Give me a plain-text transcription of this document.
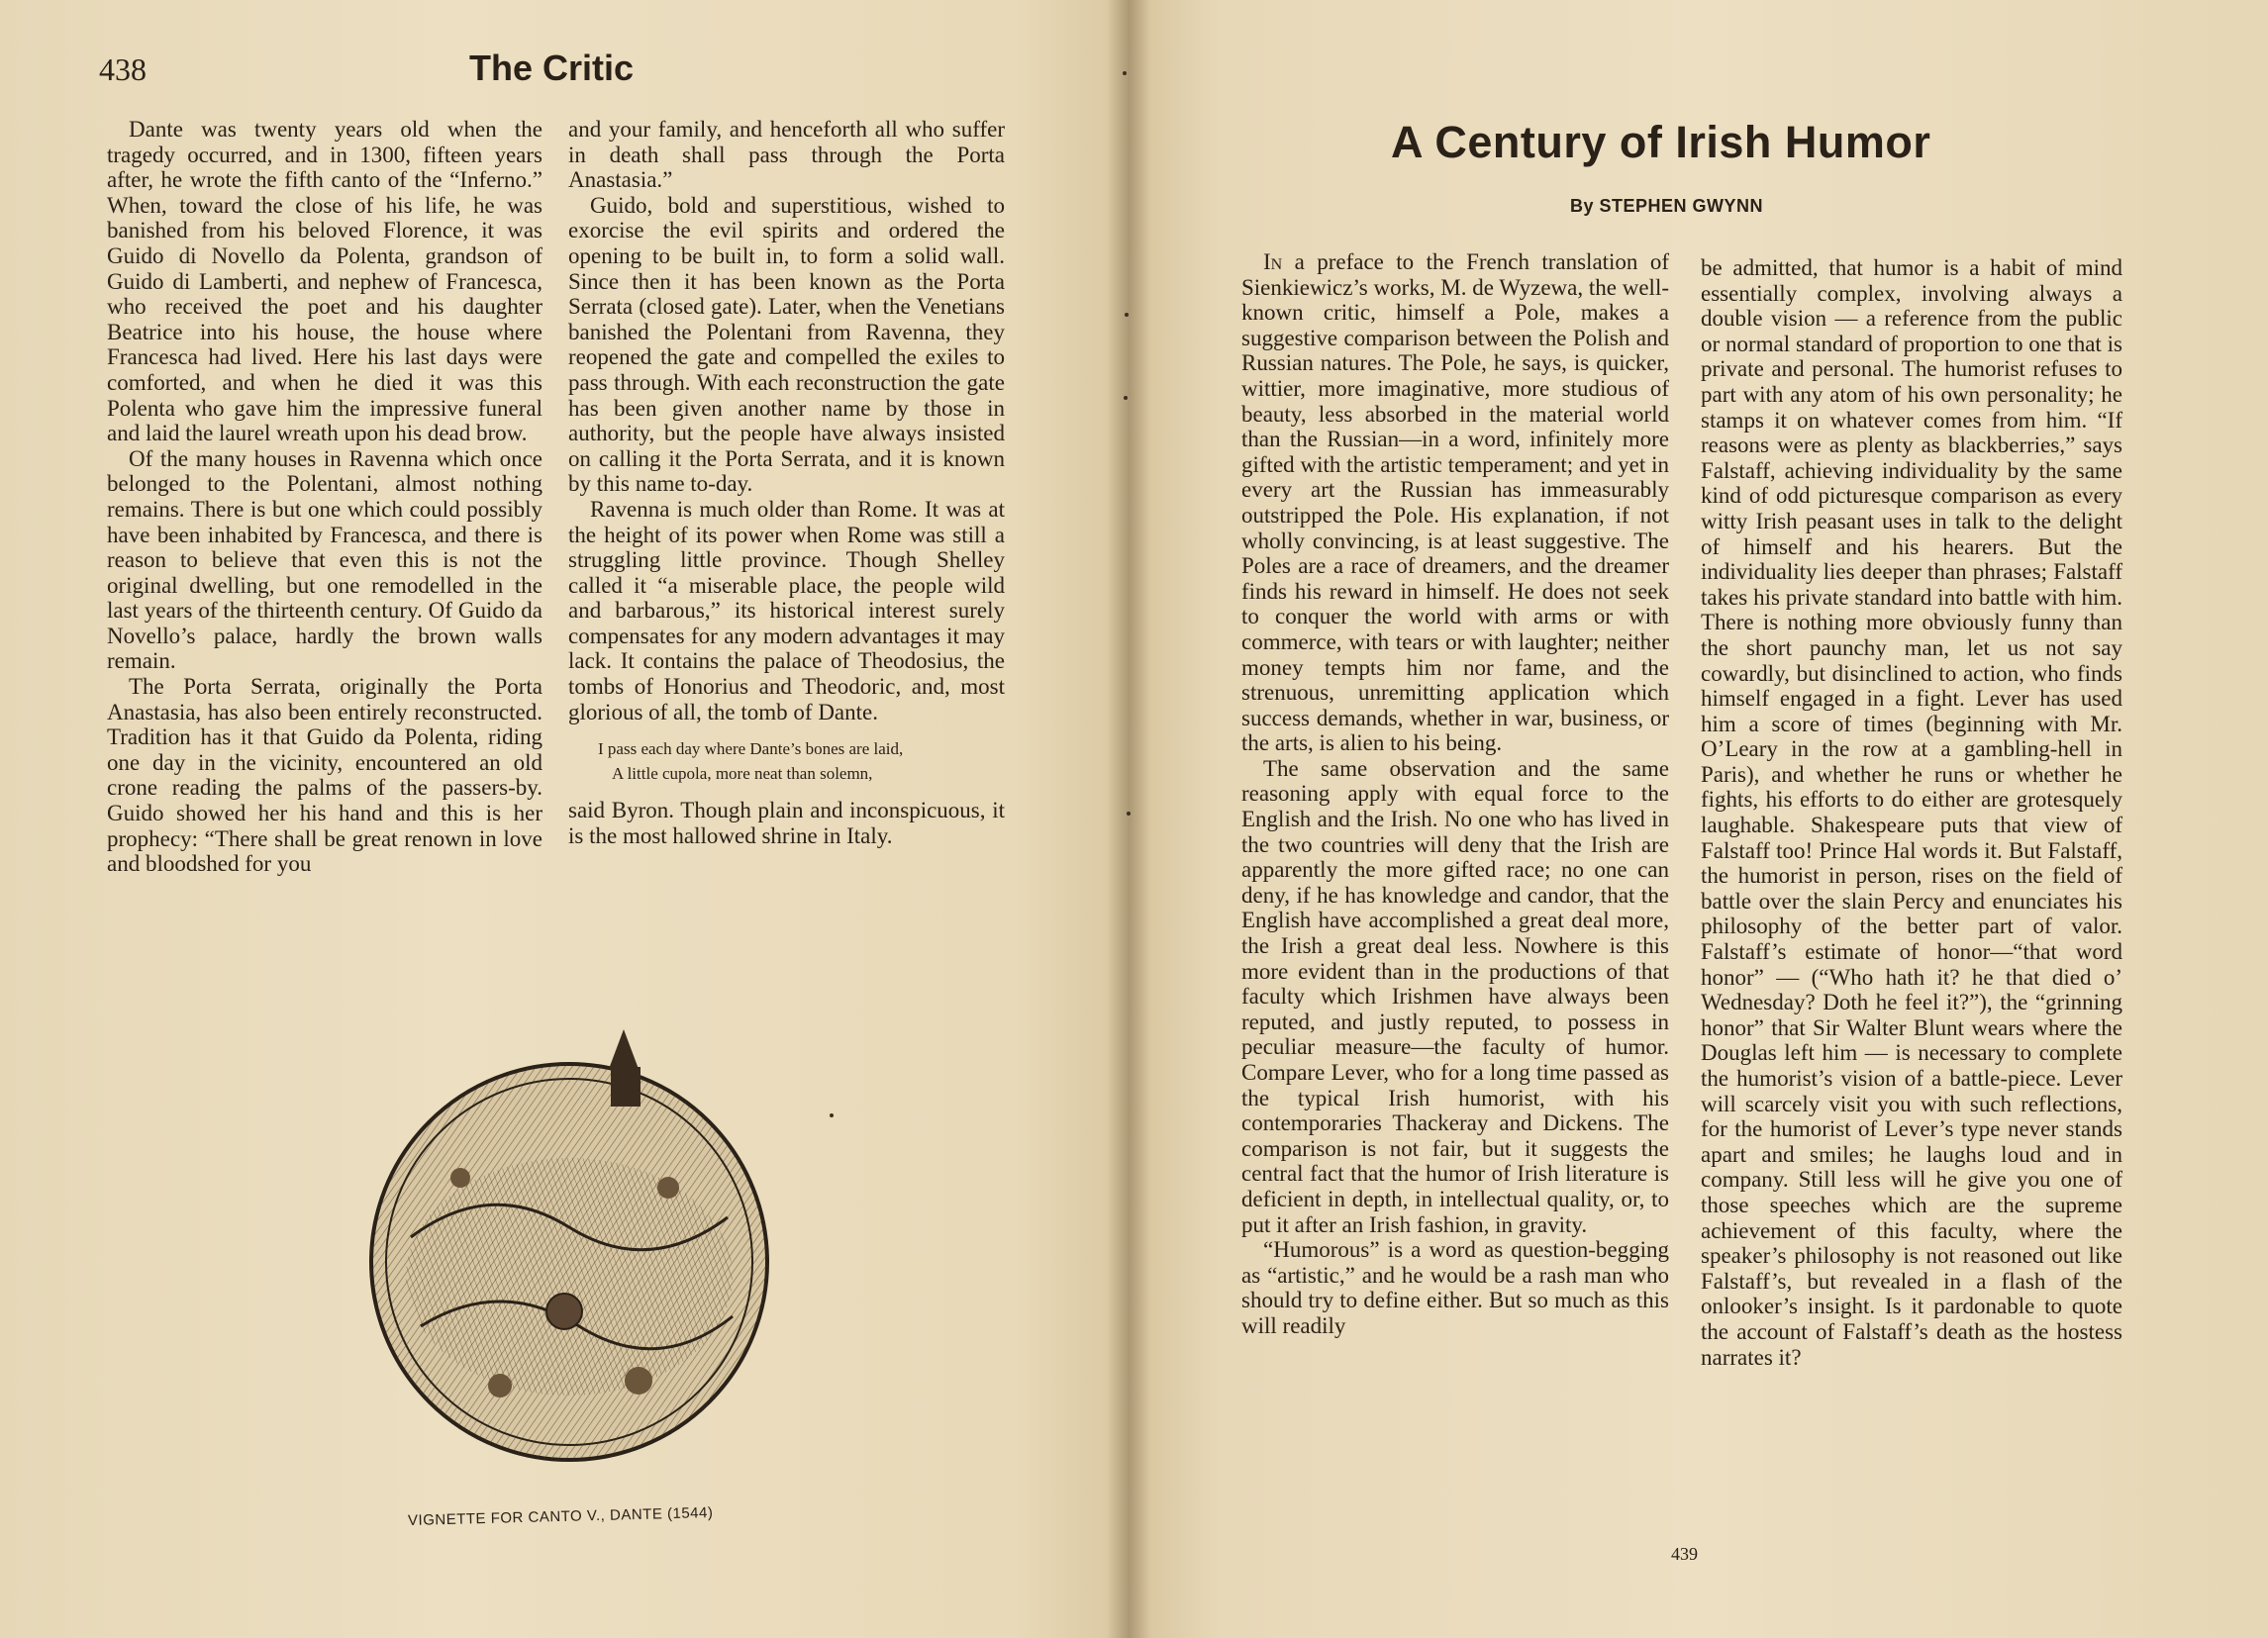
438	The Critic

Dante was twenty years old when the tragedy occurred, and in 1300, fifteen years after, he wrote the fifth canto of the “Inferno.” When, toward the close of his life, he was banished from his beloved Florence, it was Guido di Novello da Polenta, grandson of Guido di Lamberti, and nephew of Francesca, who received the poet and his daughter Beatrice into his house, the house where Francesca had lived. Here his last days were comforted, and when he died it was this Polenta who gave him the impressive funeral and laid the laurel wreath upon his dead brow.

Of the many houses in Ravenna which once belonged to the Polentani, almost nothing remains. There is but one which could possibly have been inhabited by Francesca, and there is reason to believe that even this is not the original dwelling, but one remodelled in the last years of the thirteenth century. Of Guido da Novello’s palace, hardly the brown walls remain.

The Porta Serrata, originally the Porta Anastasia, has also been entirely reconstructed. Tradition has it that Guido da Polenta, riding one day in the vicinity, encountered an old crone reading the palms of the passers-by. Guido showed her his hand and this is her prophecy: “There shall be great renown in love and bloodshed for you

and your family, and henceforth all who suffer in death shall pass through the Porta Anastasia.”

Guido, bold and superstitious, wished to exorcise the evil spirits and ordered the opening to be built in, to form a solid wall. Since then it has been known as the Porta Serrata (closed gate). Later, when the Venetians banished the Polentani from Ravenna, they reopened the gate and compelled the exiles to pass through. With each reconstruction the gate has been given another name by those in authority, but the people have always insisted on calling it the Porta Serrata, and it is known by this name to-day.

Ravenna is much older than Rome. It was at the height of its power when Rome was still a struggling little province. Though Shelley called it “a miserable place, the people wild and barbarous,” its historical interest surely compensates for any modern advantages it may lack. It contains the palace of Theodosius, the tombs of Honorius and Theodoric, and, most glorious of all, the tomb of Dante.

I pass each day where Dante’s bones are laid,
A little cupola, more neat than solemn,

said Byron. Though plain and inconspicuous, it is the most hallowed shrine in Italy.

VIGNETTE FOR CANTO V., DANTE (1544)
A Century of Irish Humor
By STEPHEN GWYNN

In a preface to the French translation of Sienkiewicz’s works, M. de Wyzewa, the well-known critic, himself a Pole, makes a suggestive comparison between the Polish and Russian natures. The Pole, he says, is quicker, wittier, more imaginative, more studious of beauty, less absorbed in the material world than the Russian—in a word, infinitely more gifted with the artistic temperament; and yet in every art the Russian has immeasurably outstripped the Pole. His explanation, if not wholly convincing, is at least suggestive. The Poles are a race of dreamers, and the dreamer finds his reward in himself. He does not seek to conquer the world with arms or with commerce, with tears or with laughter; neither money tempts him nor fame, and the strenuous, unremitting application which success demands, whether in war, business, or the arts, is alien to his being.

The same observation and the same reasoning apply with equal force to the English and the Irish. No one who has lived in the two countries will deny that the Irish are apparently the more gifted race; no one can deny, if he has knowledge and candor, that the English have accomplished a great deal more, the Irish a great deal less. Nowhere is this more evident than in the productions of that faculty which Irishmen have always been reputed, and justly reputed, to possess in peculiar measure—the faculty of humor. Compare Lever, who for a long time passed as the typical Irish humorist, with his contemporaries Thackeray and Dickens. The comparison is not fair, but it suggests the central fact that the humor of Irish literature is deficient in depth, in intellectual quality, or, to put it after an Irish fashion, in gravity.

“Humorous” is a word as question-begging as “artistic,” and he would be a rash man who should try to define either. But so much as this will readily

be admitted, that humor is a habit of mind essentially complex, involving always a double vision — a reference from the public or normal standard of proportion to one that is private and personal. The humorist refuses to part with any atom of his own personality; he stamps it on whatever comes from him. “If reasons were as plenty as blackberries,” says Falstaff, achieving individuality by the same kind of odd picturesque comparison as every witty Irish peasant uses in talk to the delight of himself and his hearers. But the individuality lies deeper than phrases; Falstaff takes his private standard into battle with him. There is nothing more obviously funny than the short paunchy man, let us not say cowardly, but disinclined to action, who finds himself engaged in a fight. Lever has used him a score of times (beginning with Mr. O’Leary in the row at a gambling-hell in Paris), and whether he runs or whether he fights, his efforts to do either are grotesquely laughable. Shakespeare puts that view of Falstaff too! Prince Hal words it. But Falstaff, the humorist in person, rises on the field of battle over the slain Percy and enunciates his philosophy of the better part of valor. Falstaff’s estimate of honor—“that word honor” — (“Who hath it? he that died o’ Wednesday? Doth he feel it?”), the “grinning honor” that Sir Walter Blunt wears where the Douglas left him — is necessary to complete the humorist’s vision of a battle-piece. Lever will scarcely visit you with such reflections, for the humorist of Lever’s type never stands apart and smiles; he laughs loud and in company. Still less will he give you one of those speeches which are the supreme achievement of this faculty, where the speaker’s philosophy is not reasoned out like Falstaff’s, but revealed in a flash of the onlooker’s insight. Is it pardonable to quote the account of Falstaff’s death as the hostess narrates it?

439
